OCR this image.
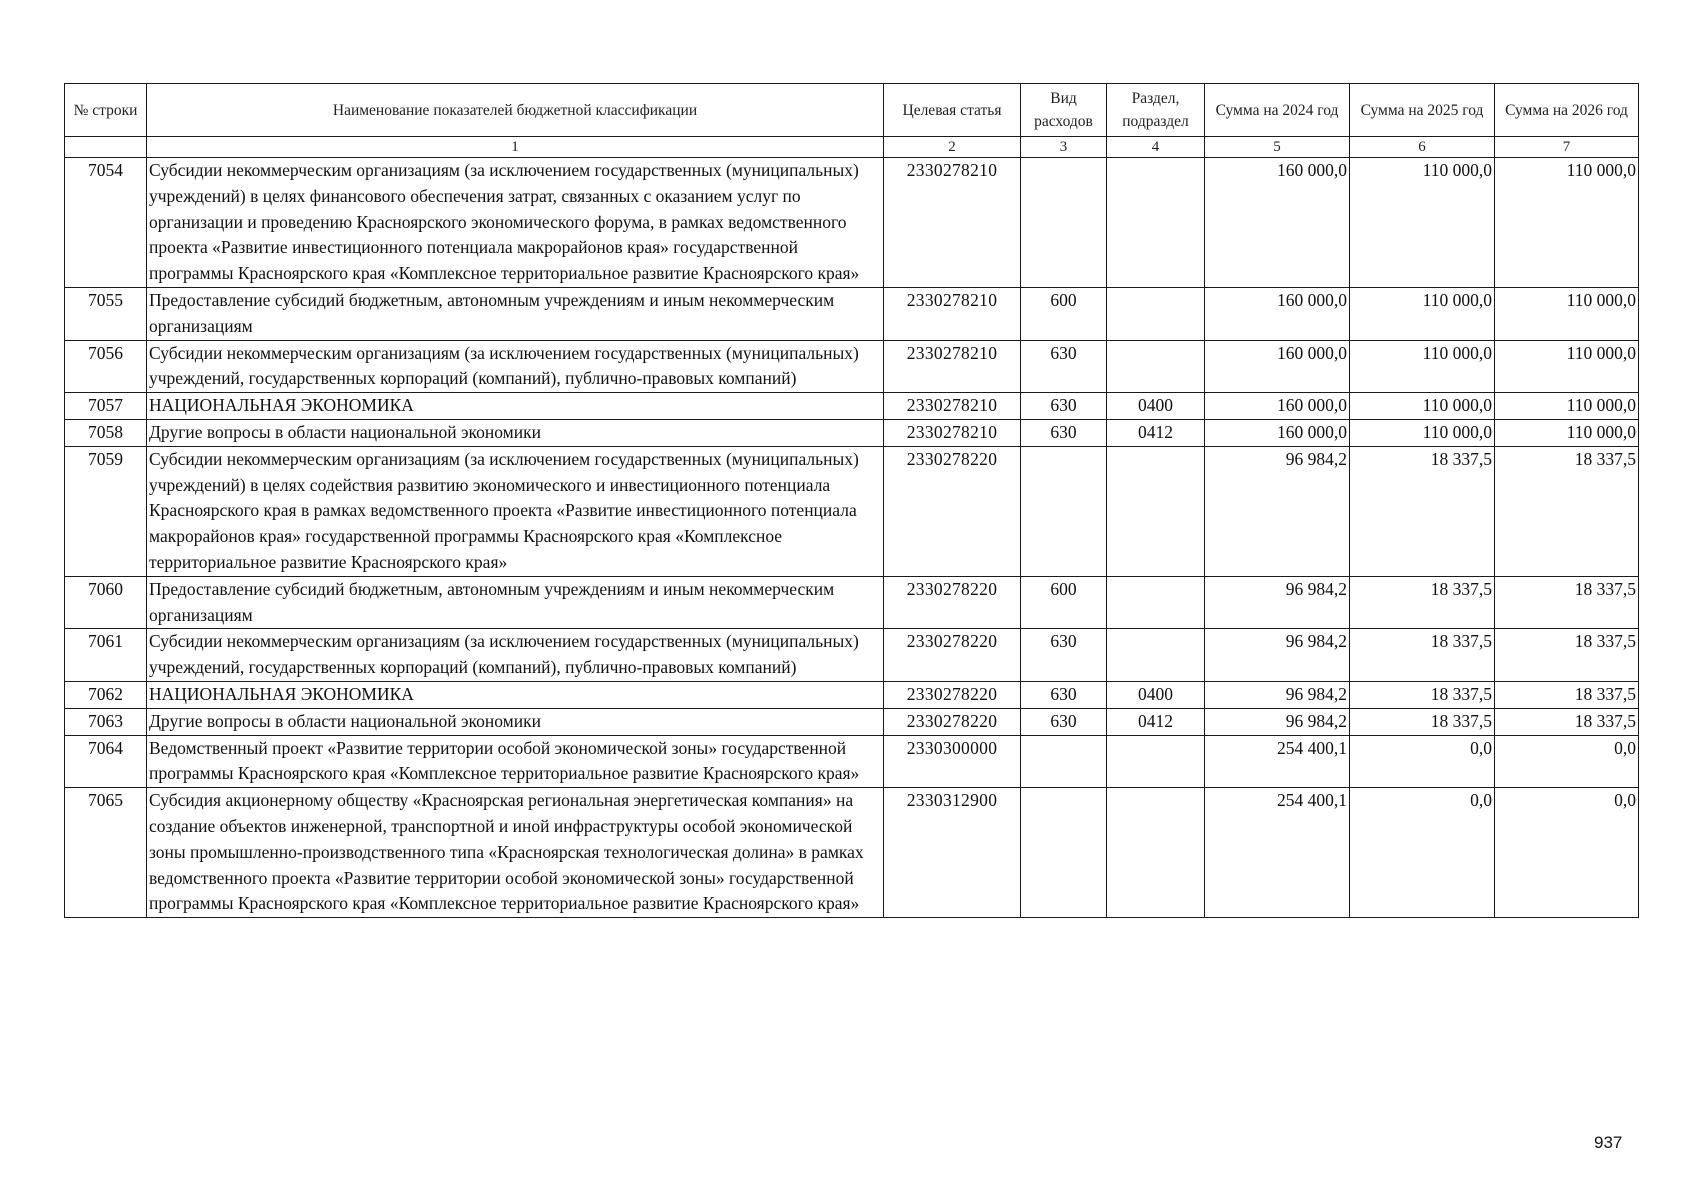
№ строки	Наименование показателей бюджетной классификации	Целевая статья	Вид расходов	Раздел, подраздел	Сумма на 2024 год	Сумма на 2025 год	Сумма на 2026 год
	1	2	3	4	5	6	7
7054	Субсидии некоммерческим организациям (за исключением государственных (муниципальных) учреждений) в целях финансового обеспечения затрат, связанных с оказанием услуг по организации и проведению Красноярского экономического форума, в рамках ведомственного проекта «Развитие инвестиционного потенциала макрорайонов края» государственной программы Красноярского края «Комплексное территориальное развитие Красноярского края»	2330278210			160 000,0	110 000,0	110 000,0
7055	Предоставление субсидий бюджетным, автономным учреждениям и иным некоммерческим организациям	2330278210	600		160 000,0	110 000,0	110 000,0
7056	Субсидии некоммерческим организациям (за исключением государственных (муниципальных) учреждений, государственных корпораций (компаний), публично-правовых компаний)	2330278210	630		160 000,0	110 000,0	110 000,0
7057	НАЦИОНАЛЬНАЯ ЭКОНОМИКА	2330278210	630	0400	160 000,0	110 000,0	110 000,0
7058	Другие вопросы в области национальной экономики	2330278210	630	0412	160 000,0	110 000,0	110 000,0
7059	Субсидии некоммерческим организациям (за исключением государственных (муниципальных) учреждений) в целях содействия развитию экономического и инвестиционного потенциала Красноярского края в рамках ведомственного проекта «Развитие инвестиционного потенциала макрорайонов края» государственной программы Красноярского края «Комплексное территориальное развитие Красноярского края»	2330278220			96 984,2	18 337,5	18 337,5
7060	Предоставление субсидий бюджетным, автономным учреждениям и иным некоммерческим организациям	2330278220	600		96 984,2	18 337,5	18 337,5
7061	Субсидии некоммерческим организациям (за исключением государственных (муниципальных) учреждений, государственных корпораций (компаний), публично-правовых компаний)	2330278220	630		96 984,2	18 337,5	18 337,5
7062	НАЦИОНАЛЬНАЯ ЭКОНОМИКА	2330278220	630	0400	96 984,2	18 337,5	18 337,5
7063	Другие вопросы в области национальной экономики	2330278220	630	0412	96 984,2	18 337,5	18 337,5
7064	Ведомственный проект «Развитие территории особой экономической зоны» государственной программы Красноярского края «Комплексное территориальное развитие Красноярского края»	2330300000			254 400,1	0,0	0,0
7065	Субсидия акционерному обществу «Красноярская региональная энергетическая компания» на создание объектов инженерной, транспортной и иной инфраструктуры особой экономической зоны промышленно-производственного типа «Красноярская технологическая долина» в рамках ведомственного проекта «Развитие территории особой экономической зоны» государственной программы Красноярского края «Комплексное территориальное развитие Красноярского края»	2330312900			254 400,1	0,0	0,0
937
